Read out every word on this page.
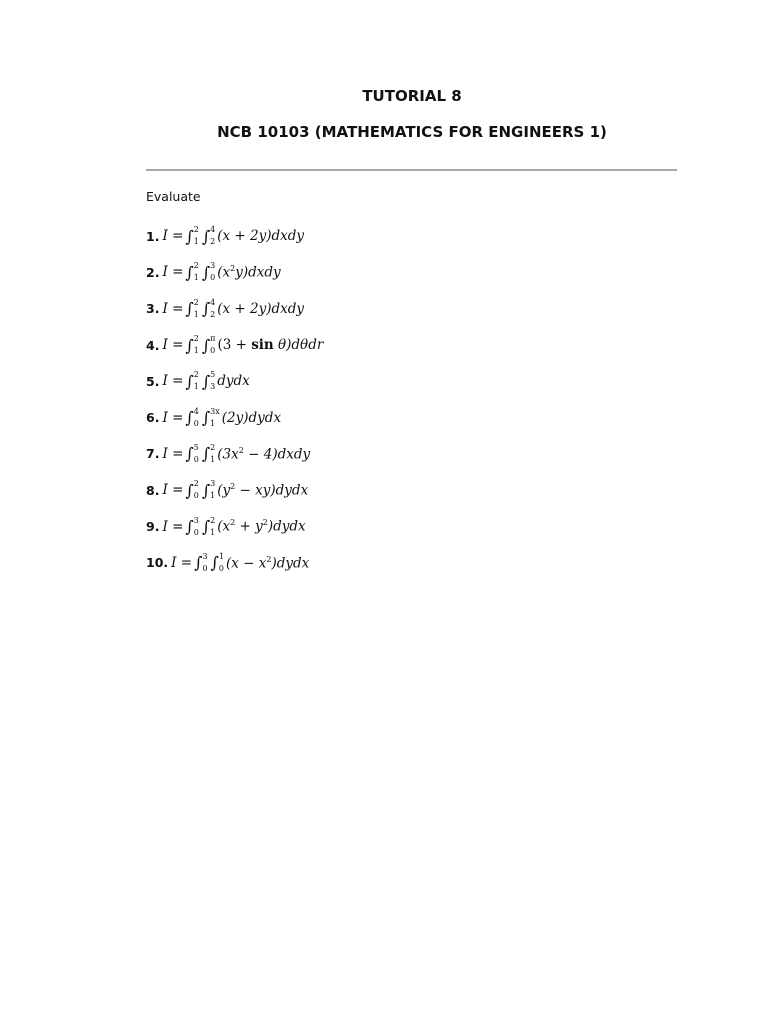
TUTORIAL 8
NCB 10103 (MATHEMATICS FOR ENGINEERS 1)

Evaluate

1. I = ∫ 2
1 ∫ 4
2 (x + 2y)dxdy
2. I = ∫ 2
1 ∫ 3
0 $(x^2y)dxdy$
3. I = ∫ 2
1 ∫ 4
2 (x + 2y)dxdy
4. I = ∫ 2
1 ∫ π
0 (3 + sin θ)dθdr
5. I = ∫ 2
1 ∫ 5
3 dydx
6. I = ∫ 4
0 ∫ 3x
1 (2y)dydx
7. I = ∫ 5
0 ∫ 2
1 ($3x^2$ − 4)dxdy
8. I = ∫ 2
0 ∫ 3
1 ($y^2$ − xy)dydx
9. I = ∫ 3
0 ∫ 2
1 ($x^2$ + $y^2)dydx$
10. I = ∫ 3
0 ∫ 1
0 $(x - x^2)dydx$
